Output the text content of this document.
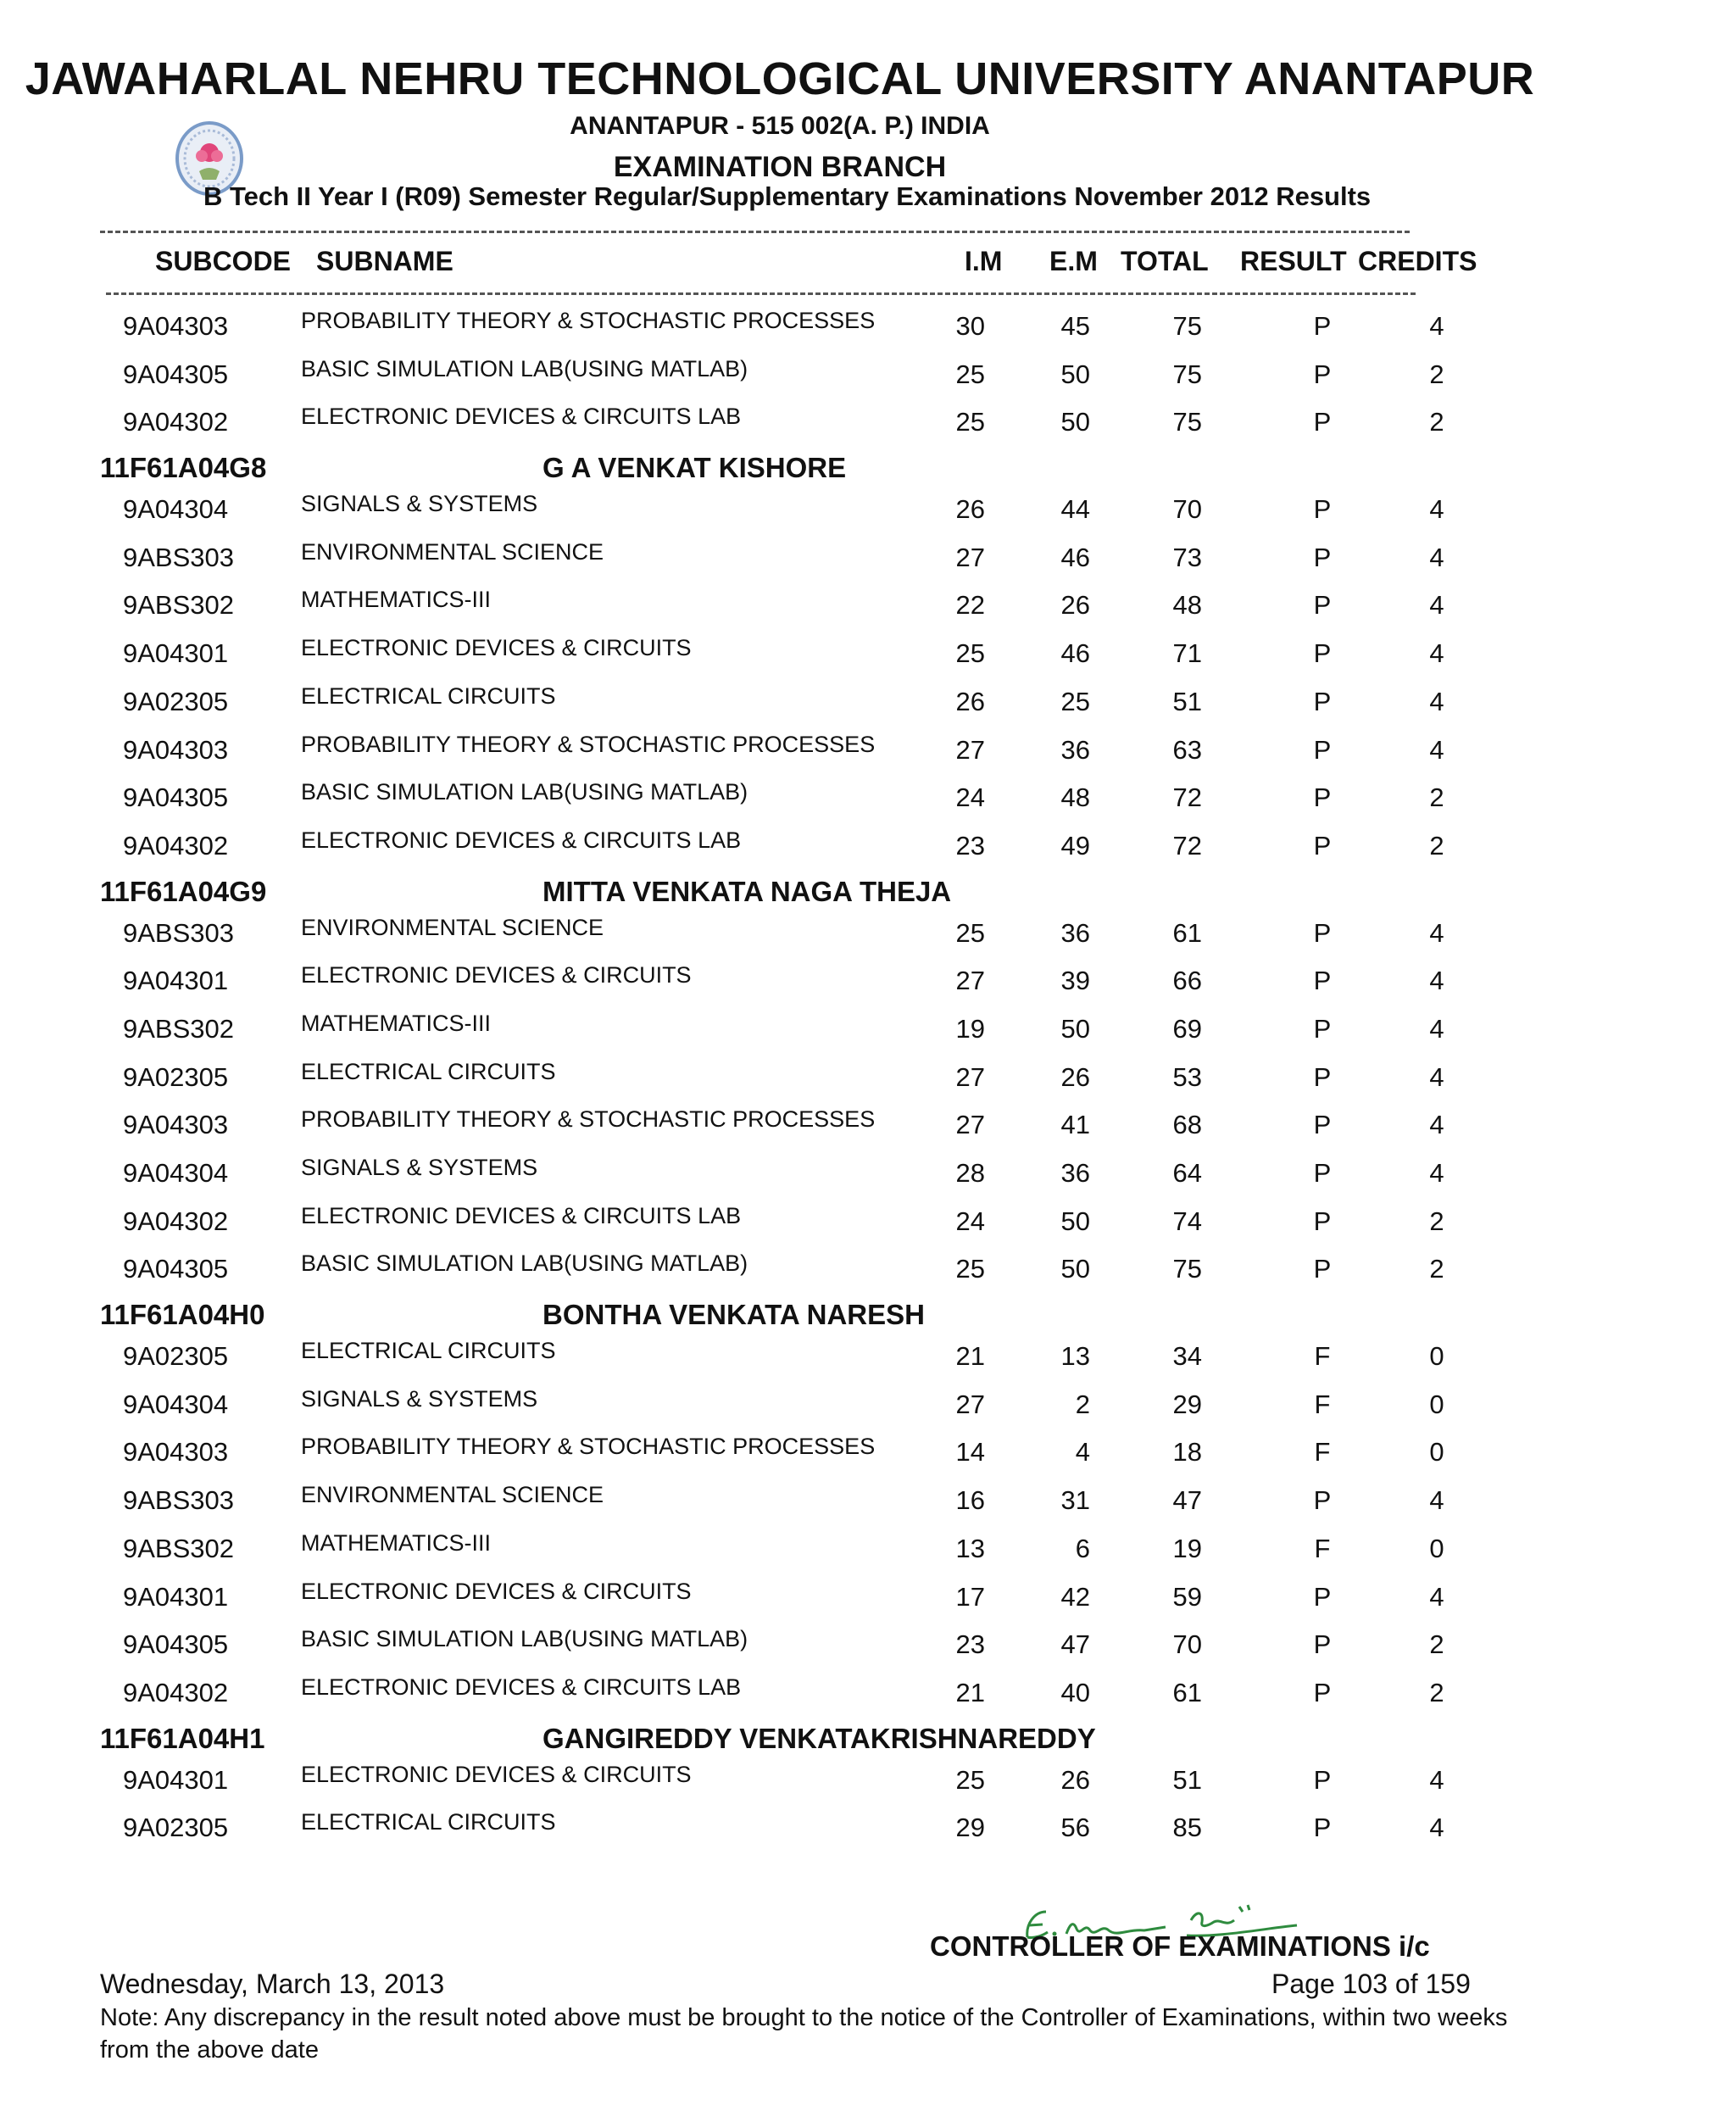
JAWAHARLAL NEHRU TECHNOLOGICAL UNIVERSITY ANANTAPUR
ANANTAPUR - 515 002(A. P.) INDIA
EXAMINATION BRANCH
B Tech II Year I (R09) Semester Regular/Supplementary Examinations November 2012 Results
SUBCODE SUBNAME	I.M E.M TOTAL RESULT CREDITS
9A04303	PROBABILITY THEORY & STOCHASTIC PROCESSES	30	45	75	P	4
9A04305	BASIC SIMULATION LAB(USING MATLAB)	25	50	75	P	2
9A04302	ELECTRONIC DEVICES & CIRCUITS LAB	25	50	75	P	2
11F61A04G8	G A VENKAT KISHORE
9A04304	SIGNALS & SYSTEMS	26	44	70	P	4
9ABS303	ENVIRONMENTAL SCIENCE	27	46	73	P	4
9ABS302	MATHEMATICS-III	22	26	48	P	4
9A04301	ELECTRONIC DEVICES & CIRCUITS	25	46	71	P	4
9A02305	ELECTRICAL CIRCUITS	26	25	51	P	4
9A04303	PROBABILITY THEORY & STOCHASTIC PROCESSES	27	36	63	P	4
9A04305	BASIC SIMULATION LAB(USING MATLAB)	24	48	72	P	2
9A04302	ELECTRONIC DEVICES & CIRCUITS LAB	23	49	72	P	2
11F61A04G9	MITTA VENKATA NAGA THEJA
9ABS303	ENVIRONMENTAL SCIENCE	25	36	61	P	4
9A04301	ELECTRONIC DEVICES & CIRCUITS	27	39	66	P	4
9ABS302	MATHEMATICS-III	19	50	69	P	4
9A02305	ELECTRICAL CIRCUITS	27	26	53	P	4
9A04303	PROBABILITY THEORY & STOCHASTIC PROCESSES	27	41	68	P	4
9A04304	SIGNALS & SYSTEMS	28	36	64	P	4
9A04302	ELECTRONIC DEVICES & CIRCUITS LAB	24	50	74	P	2
9A04305	BASIC SIMULATION LAB(USING MATLAB)	25	50	75	P	2
11F61A04H0	BONTHA VENKATA NARESH
9A02305	ELECTRICAL CIRCUITS	21	13	34	F	0
9A04304	SIGNALS & SYSTEMS	27	2	29	F	0
9A04303	PROBABILITY THEORY & STOCHASTIC PROCESSES	14	4	18	F	0
9ABS303	ENVIRONMENTAL SCIENCE	16	31	47	P	4
9ABS302	MATHEMATICS-III	13	6	19	F	0
9A04301	ELECTRONIC DEVICES & CIRCUITS	17	42	59	P	4
9A04305	BASIC SIMULATION LAB(USING MATLAB)	23	47	70	P	2
9A04302	ELECTRONIC DEVICES & CIRCUITS LAB	21	40	61	P	2
11F61A04H1	GANGIREDDY VENKATAKRISHNAREDDY
9A04301	ELECTRONIC DEVICES & CIRCUITS	25	26	51	P	4
9A02305	ELECTRICAL CIRCUITS	29	56	85	P	4
CONTROLLER OF EXAMINATIONS i/c
Wednesday, March 13, 2013	Page 103 of 159
Note: Any discrepancy in the result noted above must be brought to the notice of the Controller of Examinations, within two weeks from the above date
